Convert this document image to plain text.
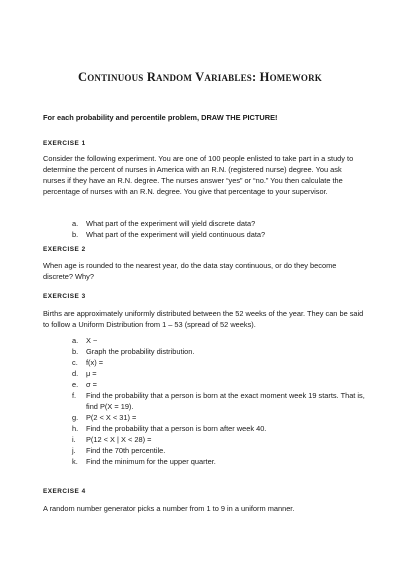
Continuous Random Variables: Homework
For each probability and percentile problem, DRAW THE PICTURE!
EXERCISE 1
Consider the following experiment. You are one of 100 people enlisted to take part in a study to determine the percent of nurses in America with an R.N. (registered nurse) degree. You ask nurses if they have an R.N. degree. The nurses answer “yes” or “no.” You then calculate the percentage of nurses with an R.N. degree. You give that percentage to your supervisor.
a. What part of the experiment will yield discrete data?
b. What part of the experiment will yield continuous data?
EXERCISE 2
When age is rounded to the nearest year, do the data stay continuous, or do they become discrete? Why?
EXERCISE 3
Births are approximately uniformly distributed between the 52 weeks of the year. They can be said to follow a Uniform Distribution from 1 – 53 (spread of 52 weeks).
a. X ~
b. Graph the probability distribution.
c. f(x) =
d. μ =
e. σ =
f. Find the probability that a person is born at the exact moment week 19 starts. That is, find P(X = 19).
g. P(2 < X < 31) =
h. Find the probability that a person is born after week 40.
i. P(12 < X | X < 28) =
j. Find the 70th percentile.
k. Find the minimum for the upper quarter.
EXERCISE 4
A random number generator picks a number from 1 to 9 in a uniform manner.
